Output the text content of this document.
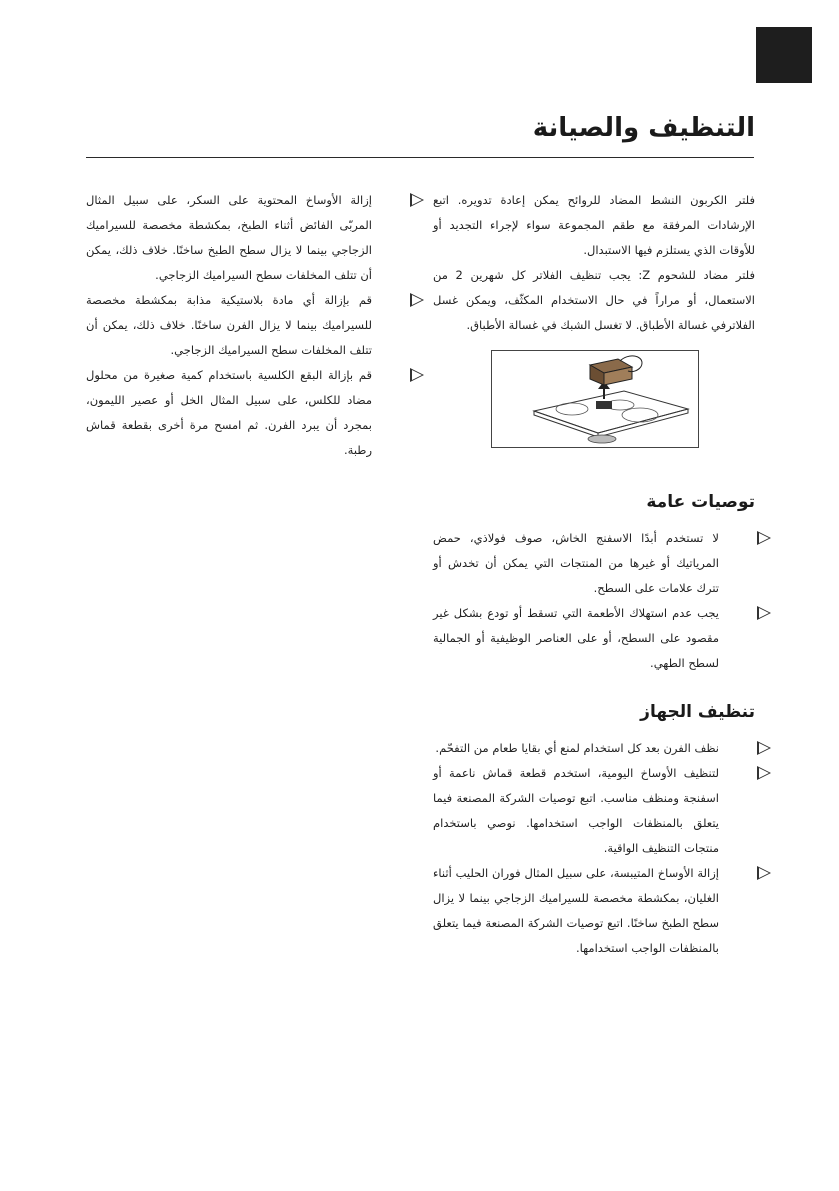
التنظيف والصيانة

فلتر الكربون النشط المضاد للروائح يمكن إعادة تدويره. اتبع الإرشادات المرفقة مع طقم المجموعة سواء لإجراء التجديد أو للأوقات الذي يستلزم فيها الاستبدال.

فلتر مضاد للشحوم Z: يجب تنظيف الفلاتر كل شهرين 2 من الاستعمال، أو مراراً في حال الاستخدام المكثّف، ويمكن غسل الفلاترفي غسالة الأطباق. لا تغسل الشبك في غسالة الأطباق.

توصيات عامة

لا تستخدم أبدًا الاسفنج الخاش، صوف فولاذي، حمض المرياتيك أو غيرها من المنتجات التي يمكن أن تخدش أو تترك علامات على السطح.

يجب عدم استهلاك الأطعمة التي تسقط أو تودع بشكل غير مقصود على السطح، أو على العناصر الوظيفية أو الجمالية لسطح الطهي.

تنظيف الجهاز

نظف الفرن بعد كل استخدام لمنع أي بقايا طعام من التفحّم.

لتنظيف الأوساخ اليومية، استخدم قطعة قماش ناعمة أو اسفنجة ومنظف مناسب. اتبع توصيات الشركة المصنعة فيما يتعلق بالمنظفات الواجب استخدامها. نوصي باستخدام منتجات التنظيف الواقية.

إزالة الأوساخ المتيبسة، على سبيل المثال فوران الحليب أثناء الغليان، بمكشطة مخصصة للسيراميك الزجاجي بينما لا يزال سطح الطبخ ساخنًا. اتبع توصيات الشركة المصنعة فيما يتعلق بالمنظفات الواجب استخدامها.

إزالة الأوساخ المحتوية على السكر، على سبيل المثال المربّى الفائض أثناء الطبخ، بمكشطة مخصصة للسيراميك الزجاجي بينما لا يزال سطح الطبخ ساخنًا. خلاف ذلك، يمكن أن تتلف المخلفات سطح السيراميك الزجاجي.

قم بإزالة أي مادة بلاستيكية مذابة بمكشطة مخصصة للسيراميك بينما لا يزال الفرن ساخنًا. خلاف ذلك، يمكن أن تتلف المخلفات سطح السيراميك الزجاجي.

قم بإزالة البقع الكلسية باستخدام كمية صغيرة من محلول مضاد للكلس، على سبيل المثال الخل أو عصير الليمون، بمجرد أن يبرد الفرن. ثم امسح مرة أخرى بقطعة قماش رطبة.
